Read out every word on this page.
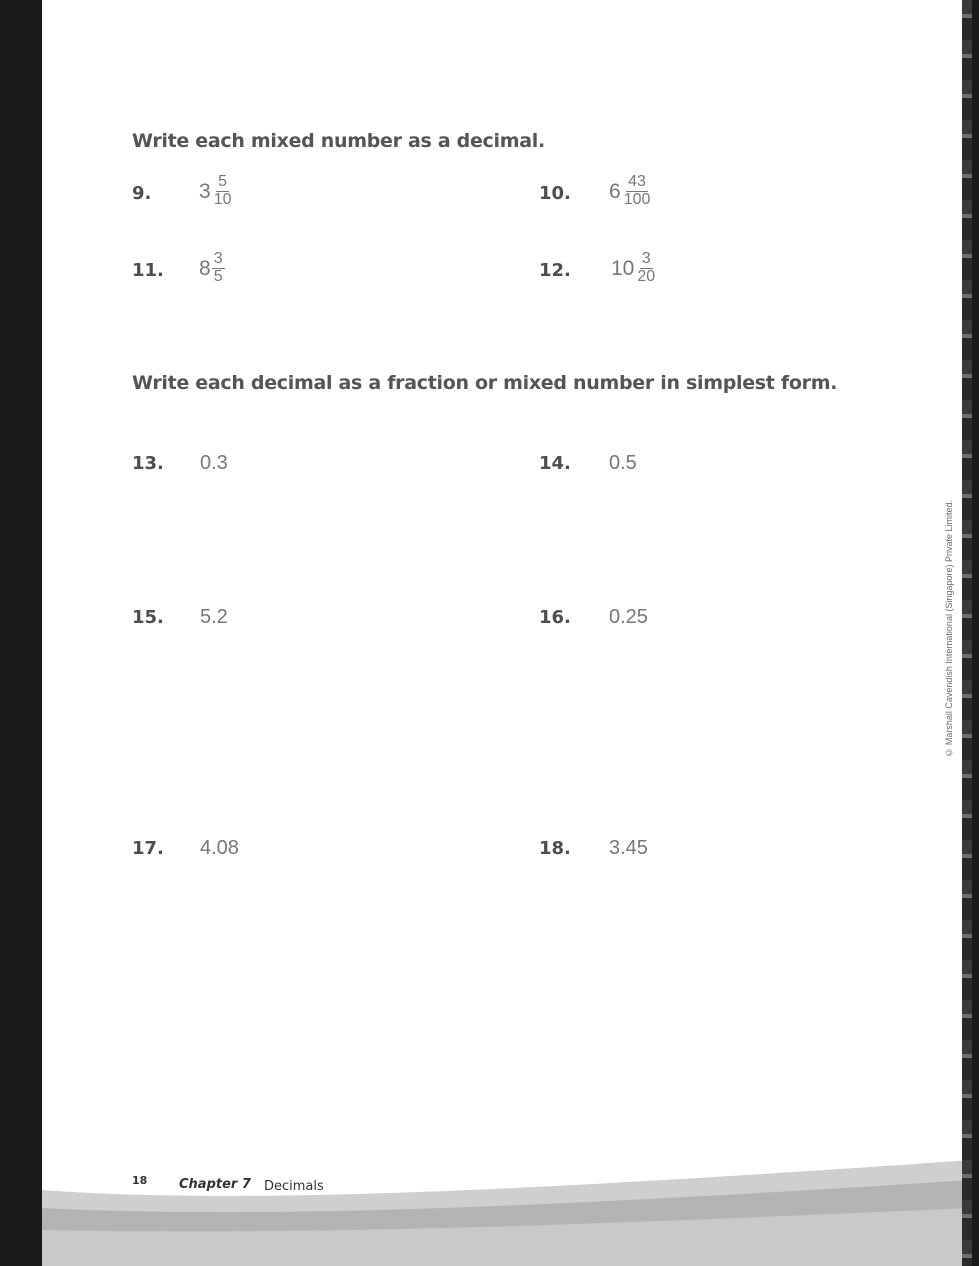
Write each mixed number as a decimal.

9. $3 \frac{5}{10}$	10. $6 \frac{43}{100}$
11. $8 \frac{3}{5}$	12. $10 \frac{3}{20}$

Write each decimal as a fraction or mixed number in simplest form.

13. 0.3	14. 0.5
15. 5.2	16. 0.25
17. 4.08	18. 3.45
© Marshall Cavendish International (Singapore) Private Limited.
18 Chapter 7 Decimals
